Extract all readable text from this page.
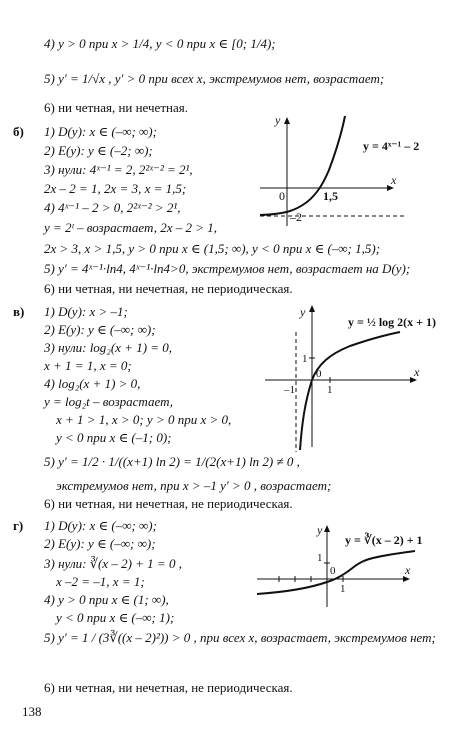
4) y > 0 при x > 1/4, y < 0 при x ∈ [0; 1/4);
5) y′ = 1/√x , y′ > 0 при всех x, экстремумов нет, возрастает;
6) ни четная, ни нечетная.
б) 1) D(y): x ∈ (–∞; ∞);
2) E(y): y ∈ (–2; ∞);
3) нули: 4ˣ⁻¹ = 2, 2²ˣ⁻² = 2¹,
2x – 2 = 1, 2x = 3, x = 1,5;
4) 4ˣ⁻¹ – 2 > 0, 2²ˣ⁻² > 2¹,
y = 2ᵗ – возрастает, 2x – 2 > 1,
2x > 3, x > 1,5, y > 0 при x ∈ (1,5; ∞), y < 0 при x ∈ (–∞; 1,5);
5) y′ = 4ˣ⁻¹·ln4, 4ˣ⁻¹·ln4>0, экстремумов нет, возрастает на D(y);
6) ни четная, ни нечетная, не периодическая.
y
x
0	1,5
–2
y = 4ˣ⁻¹ – 2
в) 1) D(y): x > –1;
2) E(y): y ∈ (–∞; ∞);
3) нули: log₂(x + 1) = 0,
x + 1 = 1, x = 0;
4) log₂(x + 1) > 0,
y = log₂t – возрастает,
x + 1 > 1, x > 0; y > 0 при x > 0,
y < 0 при x ∈ (–1; 0);
5) y′ = 1/2 · 1/((x+1) ln 2) = 1/(2(x+1) ln 2) ≠ 0 ,
экстремумов нет, при x > –1 y′ > 0 , возрастает;
6) ни четная, ни нечетная, не периодическая.
y
x
0
–1	1
1
y = ½ log 2(x + 1)
г) 1) D(y): x ∈ (–∞; ∞);
2) E(y): y ∈ (–∞; ∞);
3) нули: ∛(x – 2) + 1 = 0 ,
x –2 = –1, x = 1;
4) y > 0 при x ∈ (1; ∞),
y < 0 при x ∈ (–∞; 1);
5) y′ = 1 / (3∛((x – 2)²)) > 0 , при всех x, возрастает, экстремумов нет;
6) ни четная, ни нечетная, не периодическая.
y
x
0
1
1
y = ∛(x – 2) + 1
138
